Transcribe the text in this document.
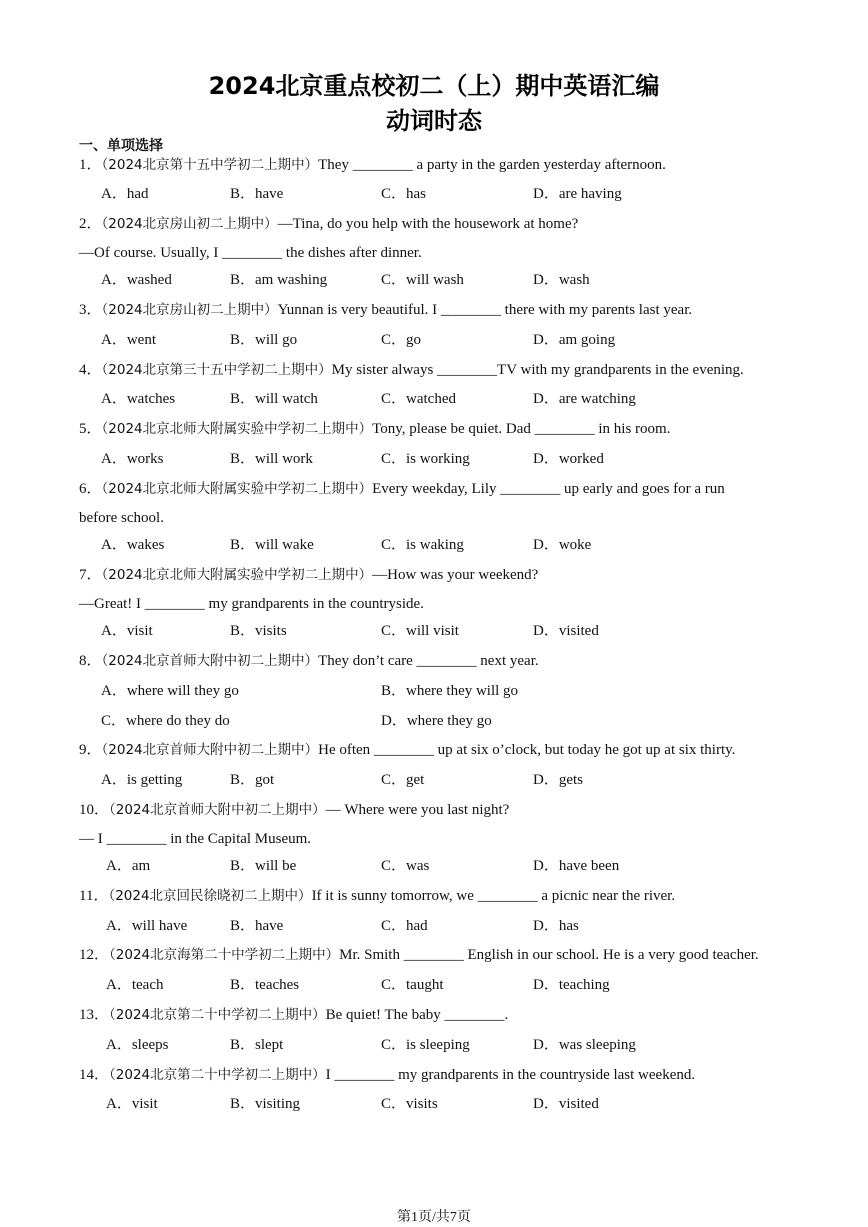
2024北京重点校初二（上）期中英语汇编
动词时态
一、单项选择
1．（2024北京第十五中学初二上期中）They ________ a party in the garden yesterday afternoon.
A．had	B．have	C．has	D．are having
2．（2024北京房山初二上期中）—Tina, do you help with the housework at home?
—Of course. Usually, I ________ the dishes after dinner.
A．washed	B．am washing	C．will wash	D．wash
3．（2024北京房山初二上期中）Yunnan is very beautiful. I ________ there with my parents last year.
A．went	B．will go	C．go	D．am going
4．（2024北京第三十五中学初二上期中）My sister always ________TV with my grandparents in the evening.
A．watches	B．will watch	C．watched	D．are watching
5．（2024北京北师大附属实验中学初二上期中）Tony, please be quiet. Dad ________ in his room.
A．works	B．will work	C．is working	D．worked
6．（2024北京北师大附属实验中学初二上期中）Every weekday, Lily ________ up early and goes for a run
before school.
A．wakes	B．will wake	C．is waking	D．woke
7．（2024北京北师大附属实验中学初二上期中）—How was your weekend?
—Great! I ________ my grandparents in the countryside.
A．visit	B．visits	C．will visit	D．visited
8．（2024北京首师大附中初二上期中）They don’t care ________ next year.
A．where will they go	B．where they will go
C．where do they do	D．where they go
9．（2024北京首师大附中初二上期中）He often ________ up at six o’clock, but today he got up at six thirty.
A．is getting	B．got	C．get	D．gets
10．（2024北京首师大附中初二上期中）— Where were you last night?
— I ________ in the Capital Museum.
A．am	B．will be	C．was	D．have been
11．（2024北京回民徐晓初二上期中）If it is sunny tomorrow, we ________ a picnic near the river.
A．will have	B．have	C．had	D．has
12．（2024北京海第二十中学初二上期中）Mr. Smith ________ English in our school. He is a very good teacher.
A．teach	B．teaches	C．taught	D．teaching
13．（2024北京第二十中学初二上期中）Be quiet! The baby ________.
A．sleeps	B．slept	C．is sleeping	D．was sleeping
14．（2024北京第二十中学初二上期中）I ________ my grandparents in the countryside last weekend.
A．visit	B．visiting	C．visits	D．visited
第1页/共7页
